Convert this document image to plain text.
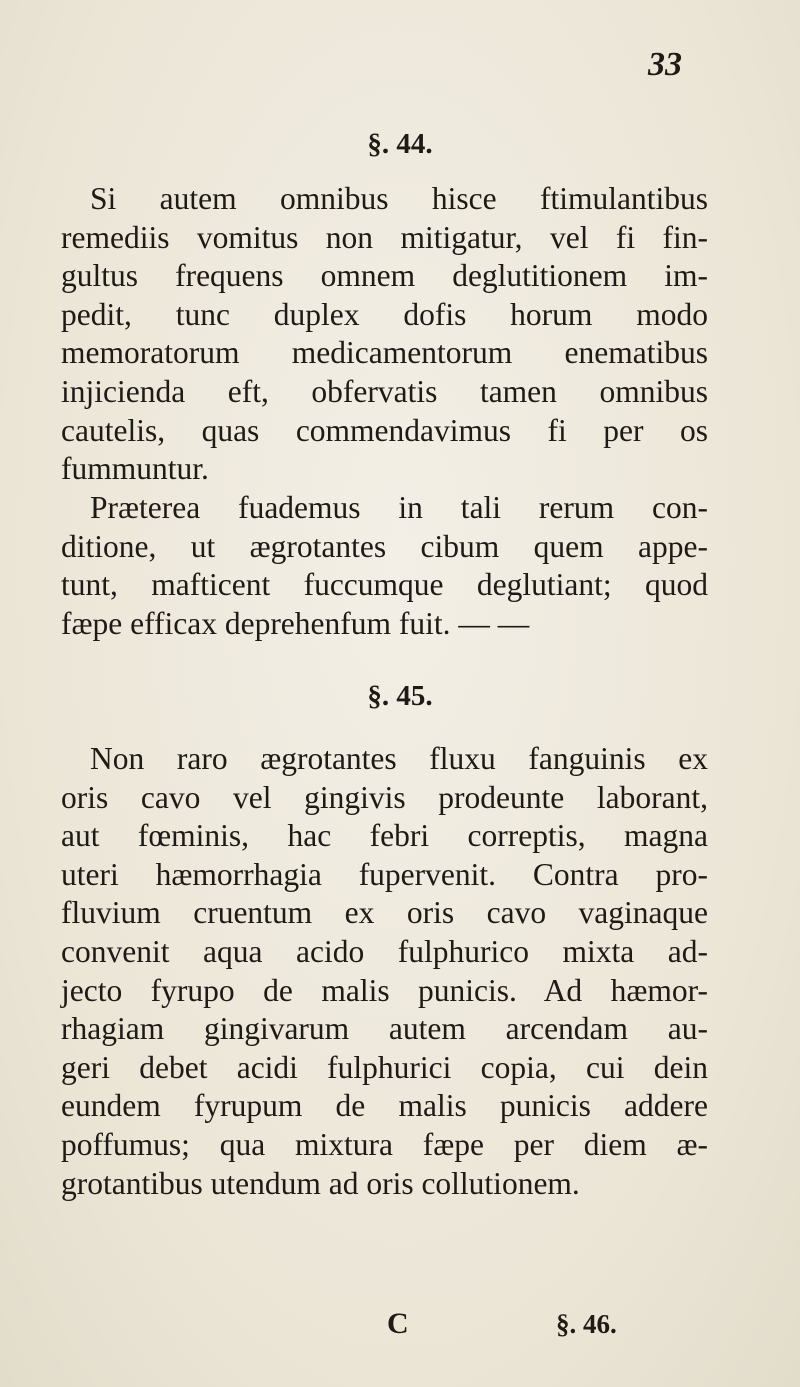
33
§. 44.
Si autem omnibus hisce ftimulantibus
remediis vomitus non mitigatur, vel fi fin-
gultus frequens omnem deglutitionem im-
pedit, tunc duplex dofis horum modo
memoratorum medicamentorum enematibus
injicienda eft, obfervatis tamen omnibus
cautelis, quas commendavimus fi per os
fummuntur.
Præterea fuademus in tali rerum con-
ditione, ut ægrotantes cibum quem appe-
tunt, mafticent fuccumque deglutiant; quod
fæpe efficax deprehenfum fuit. — —
§. 45.
Non raro ægrotantes fluxu fanguinis ex
oris cavo vel gingivis prodeunte laborant,
aut fœminis, hac febri correptis, magna
uteri hæmorrhagia fupervenit. Contra pro-
fluvium cruentum ex oris cavo vaginaque
convenit aqua acido fulphurico mixta ad-
jecto fyrupo de malis punicis. Ad hæmor-
rhagiam gingivarum autem arcendam au-
geri debet acidi fulphurici copia, cui dein
eundem fyrupum de malis punicis addere
poffumus; qua mixtura fæpe per diem æ-
grotantibus utendum ad oris collutionem.
C	§. 46.
